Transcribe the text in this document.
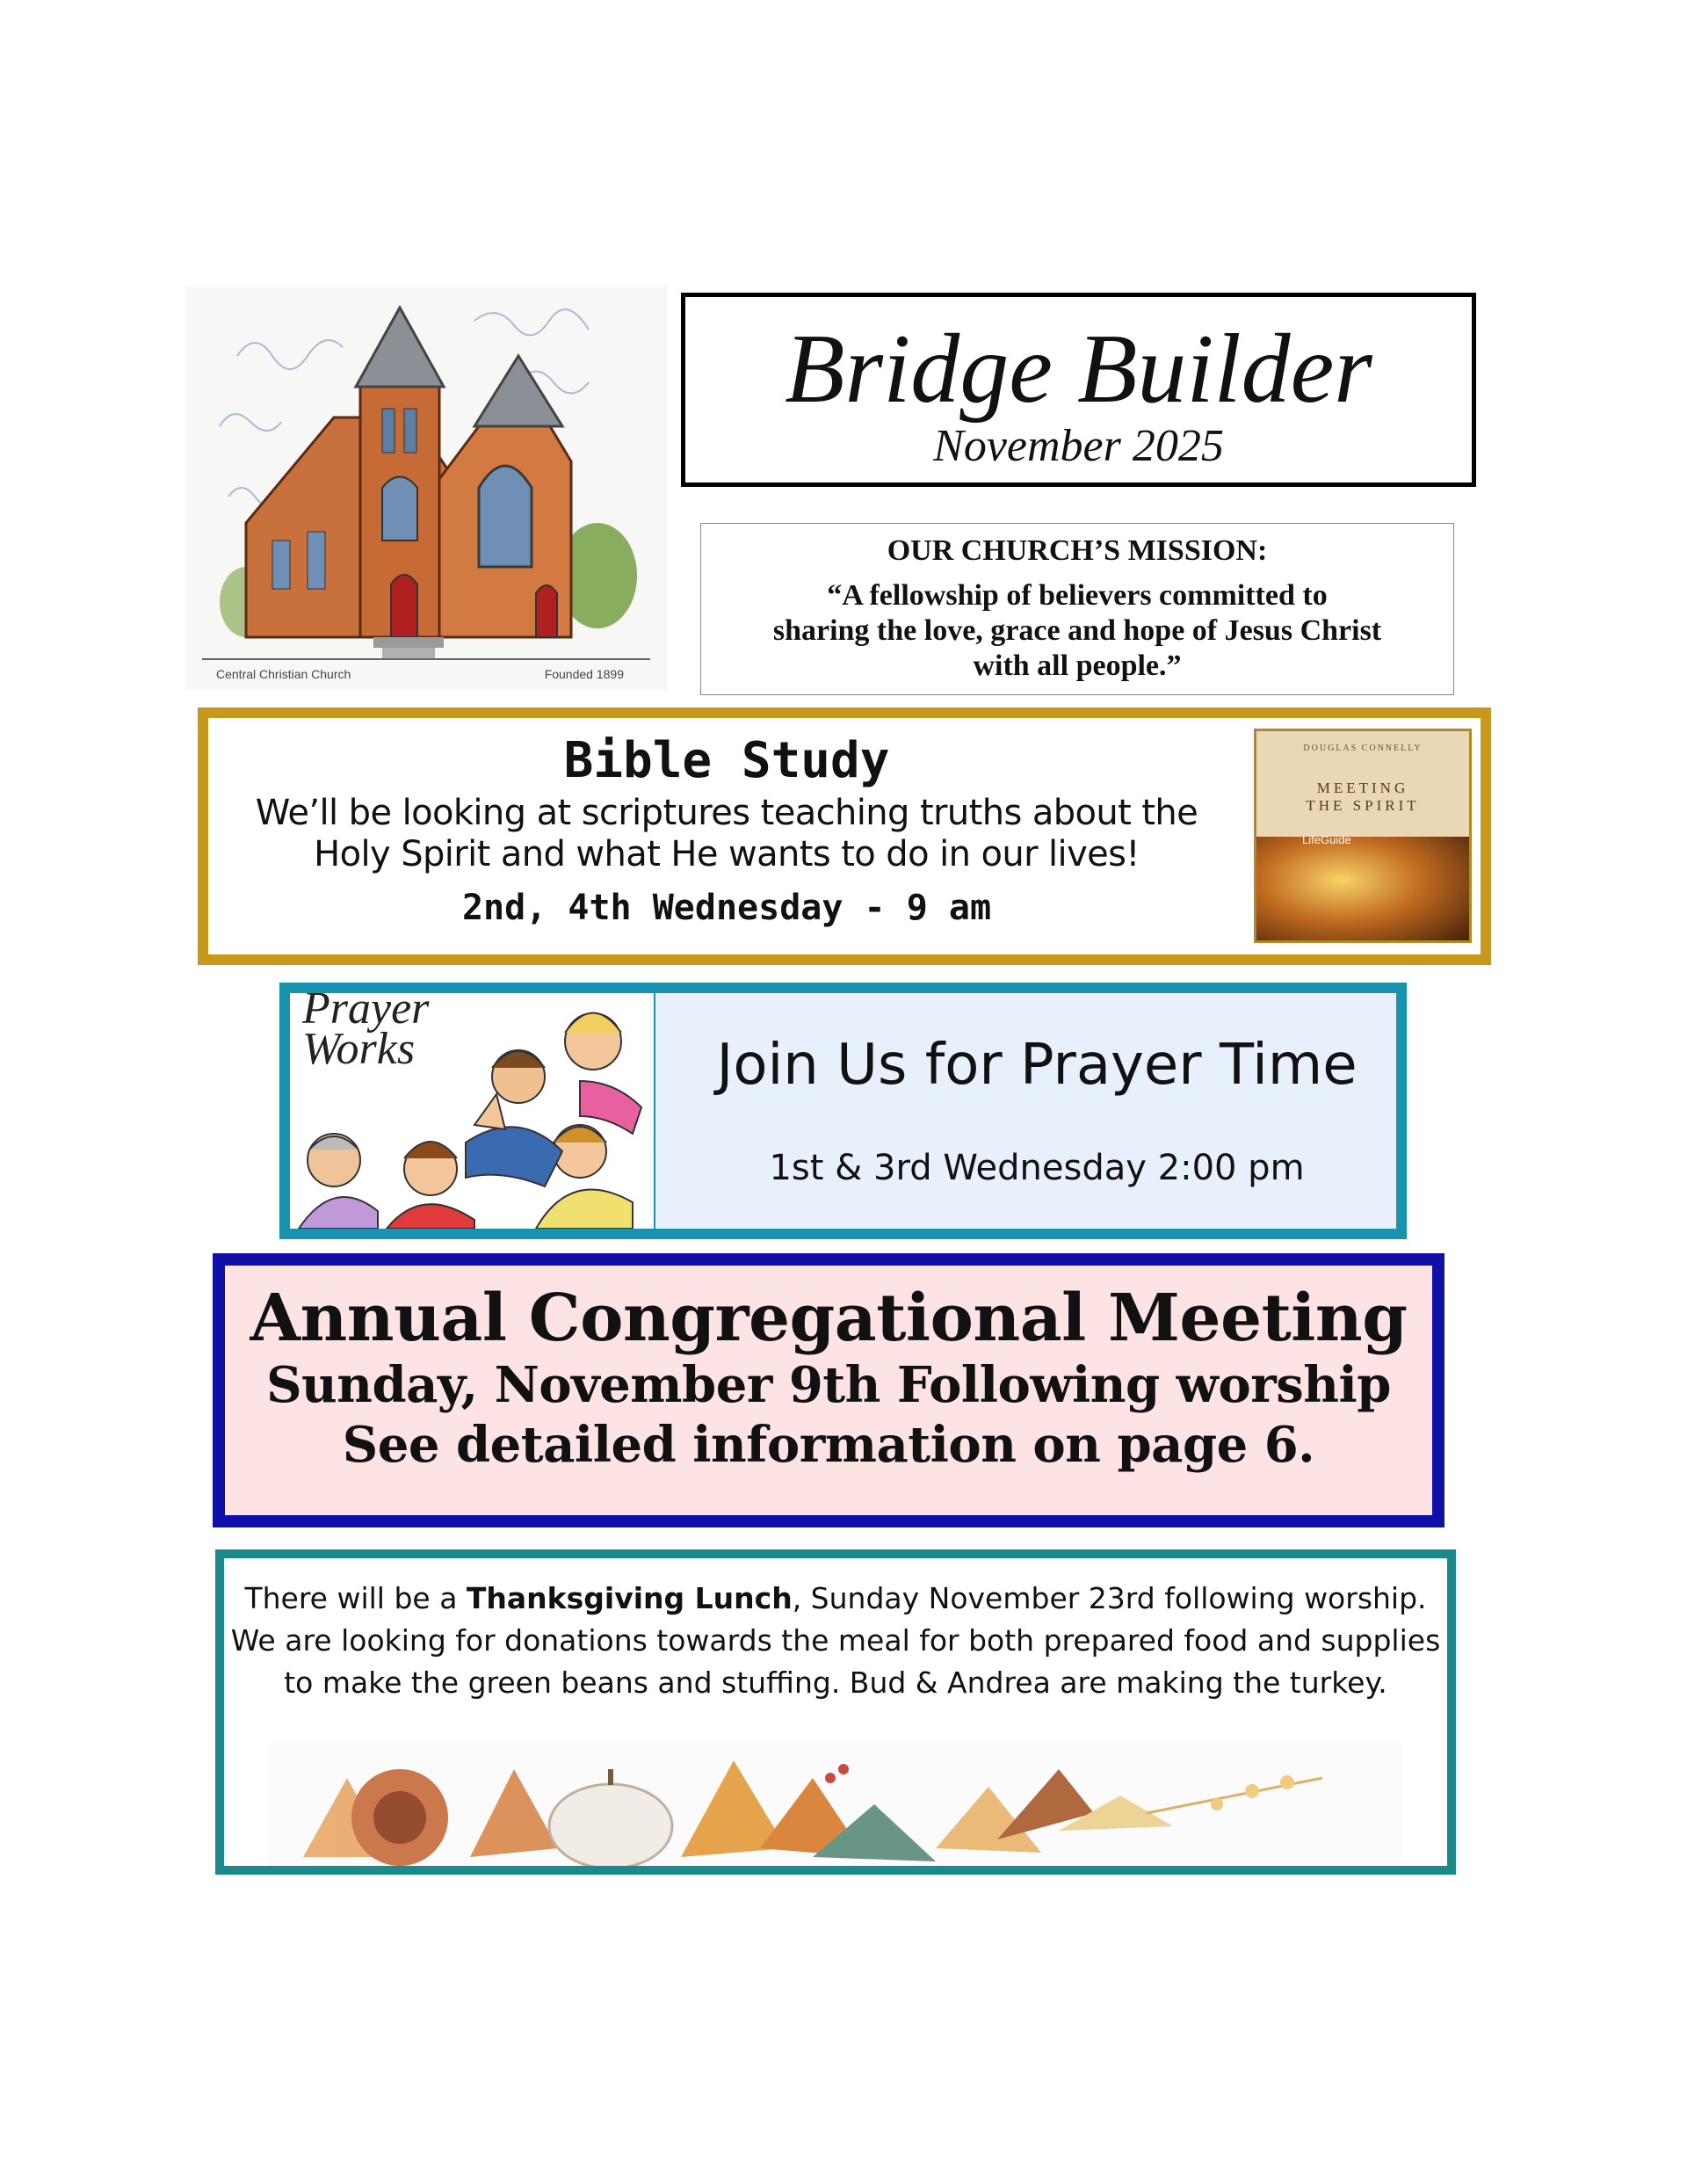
Central Christian Church	Founded 1899
Bridge Builder
November 2025
OUR CHURCH’S MISSION:
“A fellowship of believers committed to
sharing the love, grace and hope of Jesus Christ
with all people.”
Bible Study
We’ll be looking at scriptures teaching truths about the
Holy Spirit and what He wants to do in our lives!
2nd, 4th Wednesday - 9 am
DOUGLAS CONNELLY
MEETING
THE SPIRIT
LifeGuide
Prayer
Works	Join Us for Prayer Time
1st & 3rd Wednesday 2:00 pm
Annual Congregational Meeting
Sunday, November 9th Following worship
See detailed information on page 6.
There will be a Thanksgiving Lunch, Sunday November 23rd following worship.
We are looking for donations towards the meal for both prepared food and supplies
to make the green beans and stuffing. Bud & Andrea are making the turkey.
